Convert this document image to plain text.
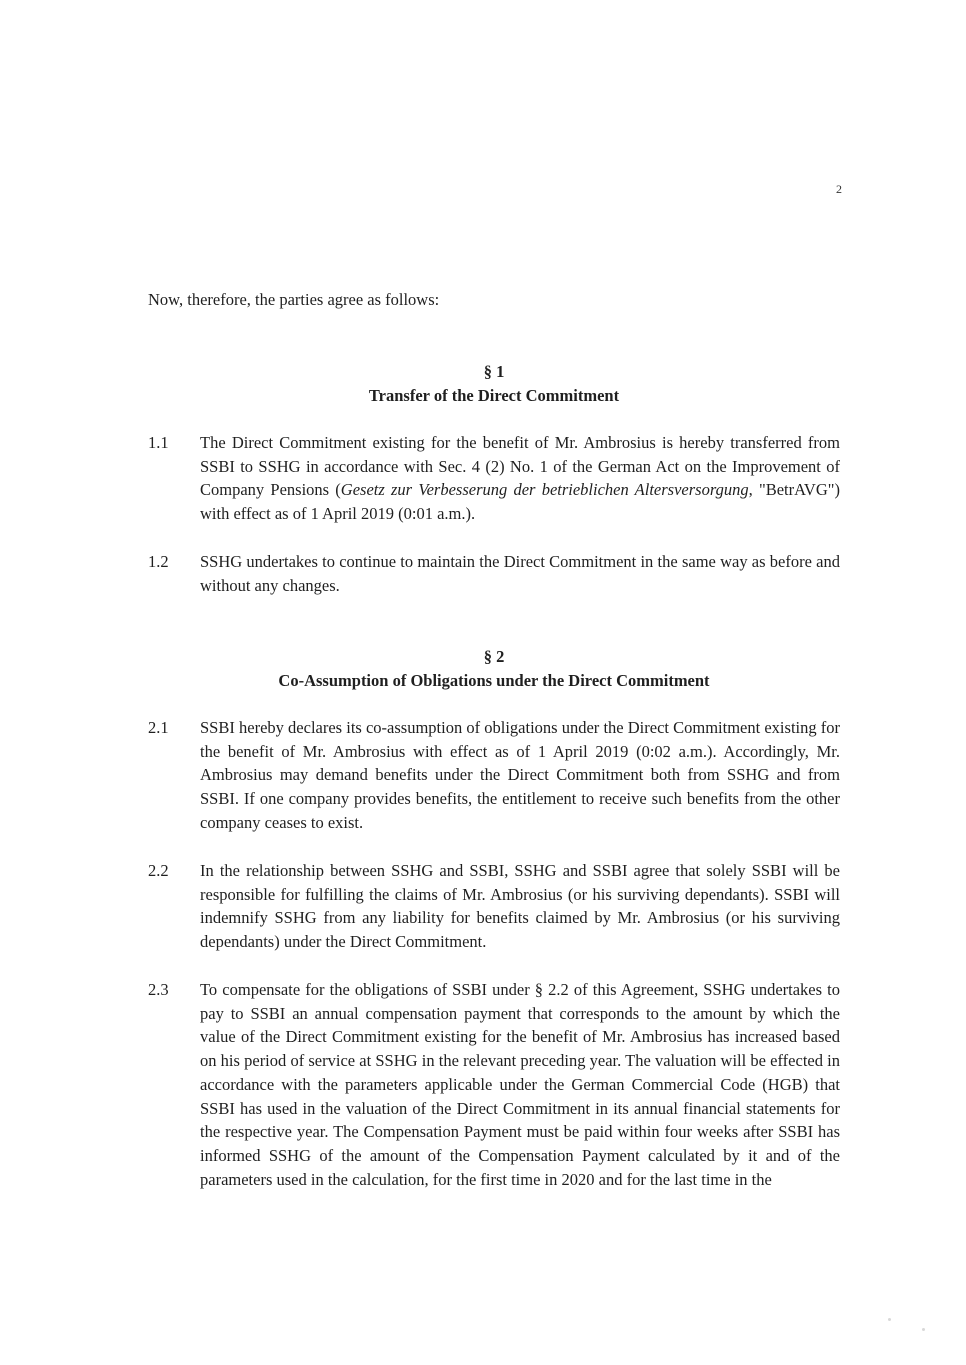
2
Now, therefore, the parties agree as follows:
§ 1
Transfer of the Direct Commitment
1.1 The Direct Commitment existing for the benefit of Mr. Ambrosius is hereby transferred from SSBI to SSHG in accordance with Sec. 4 (2) No. 1 of the German Act on the Improvement of Company Pensions (Gesetz zur Verbesserung der betrieblichen Altersversorgung, "BetrAVG") with effect as of 1 April 2019 (0:01 a.m.).
1.2 SSHG undertakes to continue to maintain the Direct Commitment in the same way as before and without any changes.
§ 2
Co-Assumption of Obligations under the Direct Commitment
2.1 SSBI hereby declares its co-assumption of obligations under the Direct Commitment existing for the benefit of Mr. Ambrosius with effect as of 1 April 2019 (0:02 a.m.). Accordingly, Mr. Ambrosius may demand benefits under the Direct Commitment both from SSHG and from SSBI. If one company provides benefits, the entitlement to receive such benefits from the other company ceases to exist.
2.2 In the relationship between SSHG and SSBI, SSHG and SSBI agree that solely SSBI will be responsible for fulfilling the claims of Mr. Ambrosius (or his surviving dependants). SSBI will indemnify SSHG from any liability for benefits claimed by Mr. Ambrosius (or his surviving dependants) under the Direct Commitment.
2.3 To compensate for the obligations of SSBI under § 2.2 of this Agreement, SSHG undertakes to pay to SSBI an annual compensation payment that corresponds to the amount by which the value of the Direct Commitment existing for the benefit of Mr. Ambrosius has increased based on his period of service at SSHG in the relevant preceding year. The valuation will be effected in accordance with the parameters applicable under the German Commercial Code (HGB) that SSBI has used in the valuation of the Direct Commitment in its annual financial statements for the respective year. The Compensation Payment must be paid within four weeks after SSBI has informed SSHG of the amount of the Compensation Payment calculated by it and of the parameters used in the calculation, for the first time in 2020 and for the last time in the
